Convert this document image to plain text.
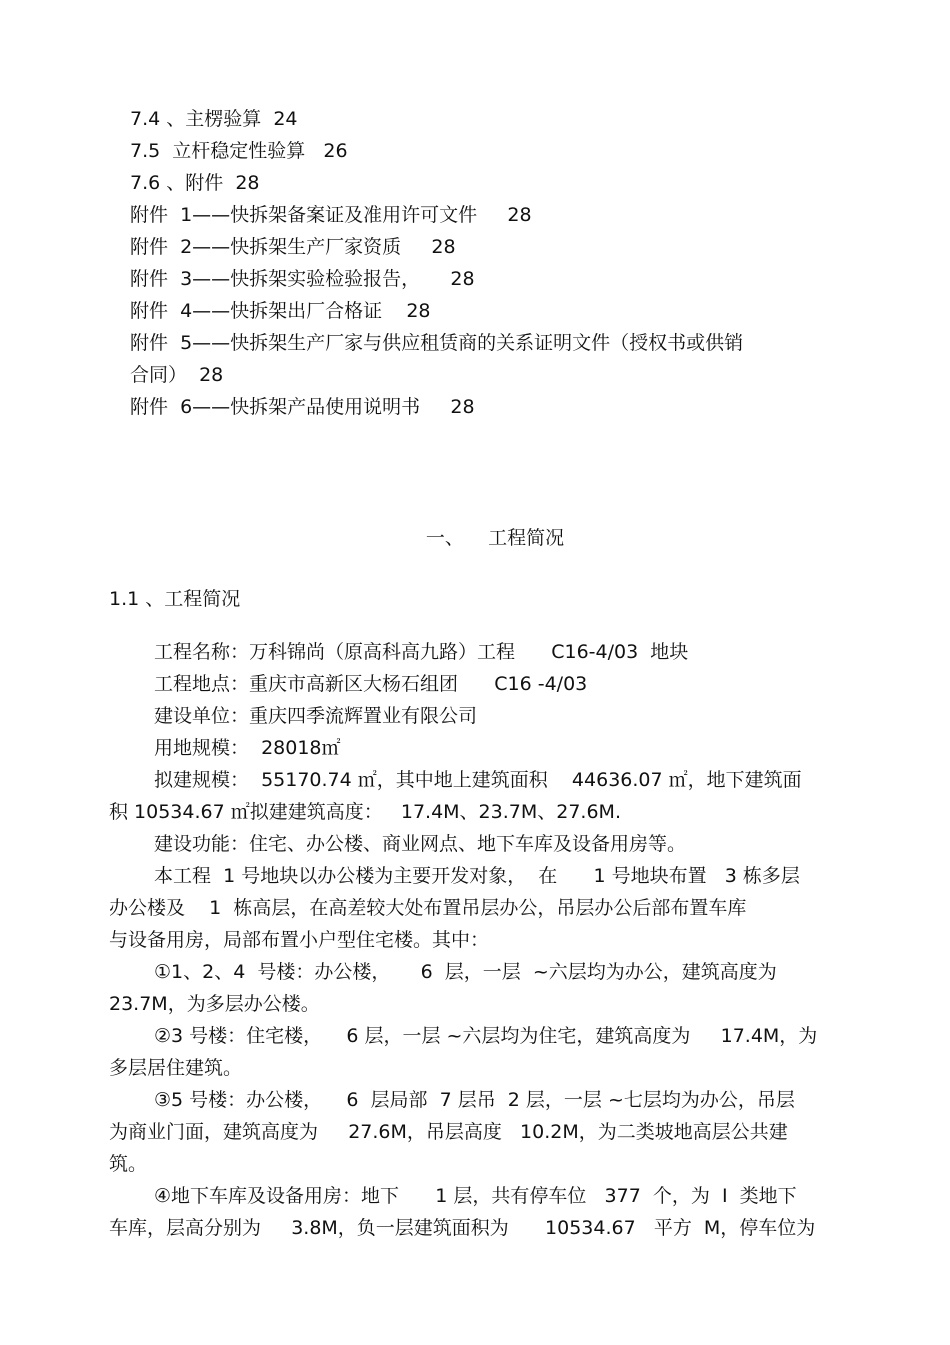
7.4 、主楞验算  24
7.5  立杆稳定性验算   26
7.6 、附件  28
附件  1——快拆架备案证及准用许可文件     28
附件  2——快拆架生产厂家资质     28
附件  3——快拆架实验检验报告，     28
附件  4——快拆架出厂合格证    28
附件  5——快拆架生产厂家与供应租赁商的关系证明文件（授权书或供销
合同）  28
附件  6——快拆架产品使用说明书     28
一、    工程简况
1.1 、工程简况
工程名称：万科锦尚（原高科高九路）工程      C16-4/03  地块
工程地点：重庆市高新区大杨石组团      C16 -4/03
建设单位：重庆四季流辉置业有限公司
用地规模：  28018㎡
拟建规模：  55170.74 ㎡，其中地上建筑面积    44636.07 ㎡，地下建筑面
积 10534.67 ㎡拟建建筑高度：   17.4M、23.7M、27.6M.
建设功能：住宅、办公楼、商业网点、地下车库及设备用房等。
本工程  1 号地块以办公楼为主要开发对象，  在      1 号地块布置   3 栋多层
办公楼及    1  栋高层，在高差较大处布置吊层办公，吊层办公后部布置车库
与设备用房，局部布置小户型住宅楼。其中：
①1、2、4  号楼：办公楼，     6  层，一层  ~六层均为办公，建筑高度为
23.7M，为多层办公楼。
②3 号楼：住宅楼，    6 层，一层 ~六层均为住宅，建筑高度为     17.4M，为
多层居住建筑。
③5 号楼：办公楼，    6  层局部  7 层吊  2 层，一层 ~七层均为办公，吊层
为商业门面，建筑高度为     27.6M，吊层高度   10.2M，为二类坡地高层公共建
筑。
④地下车库及设备用房：地下      1 层，共有停车位   377  个，为  Ⅰ  类地下
车库，层高分别为     3.8M，负一层建筑面积为      10534.67   平方  M，停车位为
